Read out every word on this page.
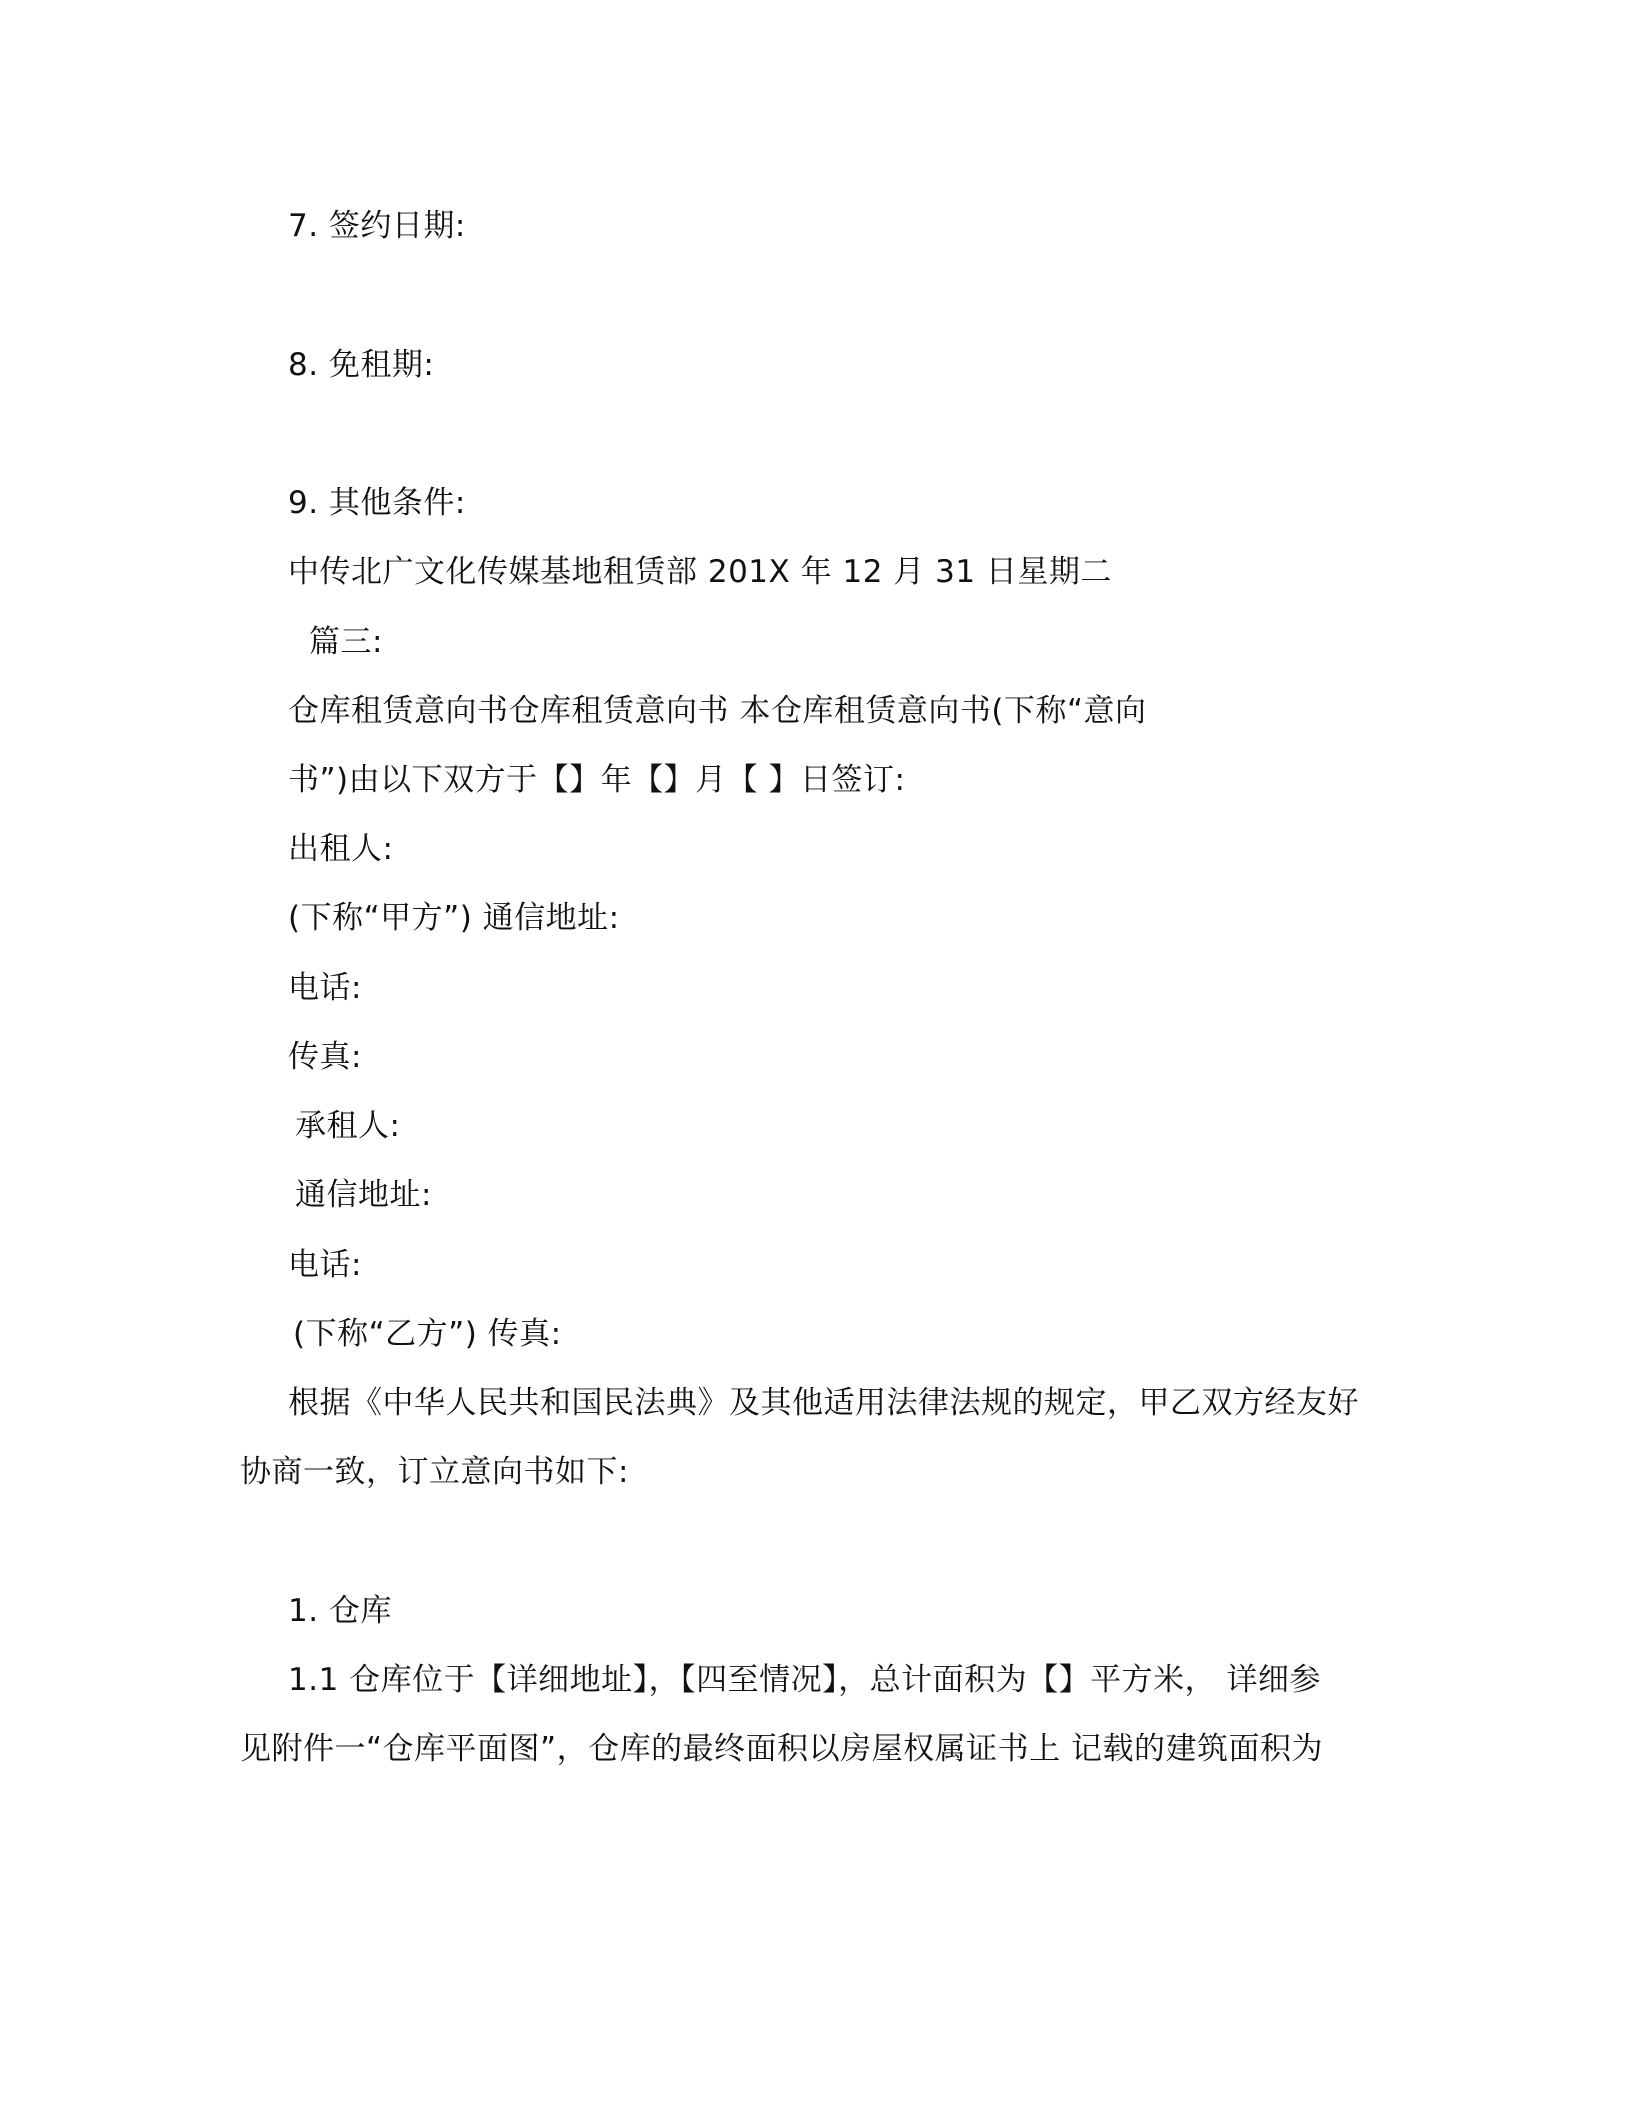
7. 签约日期:
8. 免租期:
9. 其他条件:
中传北广文化传媒基地租赁部 201X 年 12 月 31 日星期二
篇三:
仓库租赁意向书仓库租赁意向书 本仓库租赁意向书(下称“意向
书”)由以下双方于【】年【】月【 】日签订:
出租人:
(下称“甲方”) 通信地址:
电话:
传真:
承租人:
通信地址:
电话:
(下称“乙方”) 传真:
根据《中华人民共和国民法典》及其他适用法律法规的规定，甲乙双方经友好
协商一致，订立意向书如下:
1. 仓库
1.1 仓库位于【详细地址】，【四至情况】，总计面积为【】平方米， 详细参
见附件一“仓库平面图”，仓库的最终面积以房屋权属证书上 记载的建筑面积为
